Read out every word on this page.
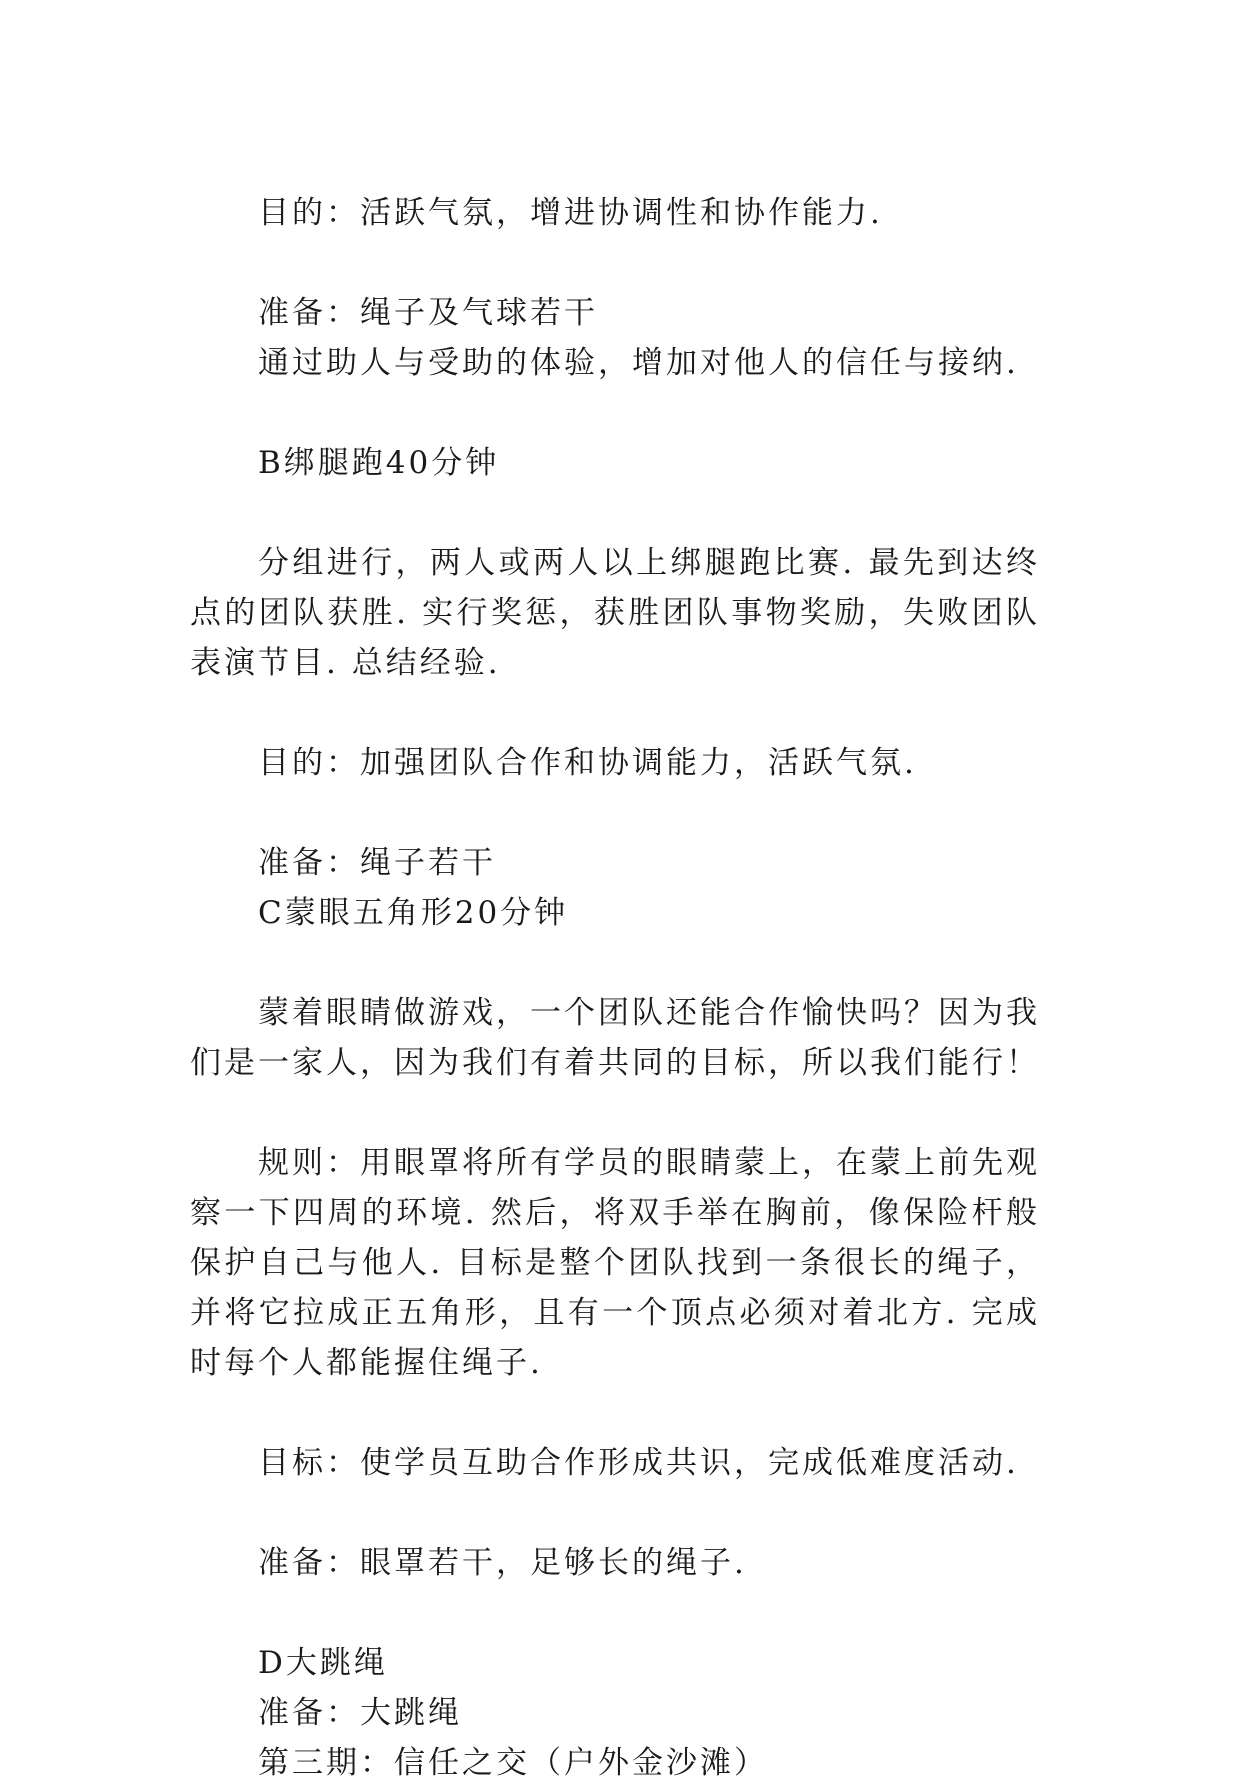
目的：活跃气氛，增进协调性和协作能力.

准备：绳子及气球若干

通过助人与受助的体验，增加对他人的信任与接纳.

B绑腿跑40分钟

分组进行，两人或两人以上绑腿跑比赛. 最先到达终点的团队获胜. 实行奖惩，获胜团队事物奖励，失败团队表演节目. 总结经验.

目的：加强团队合作和协调能力，活跃气氛.

准备：绳子若干

C蒙眼五角形20分钟

蒙着眼睛做游戏，一个团队还能合作愉快吗？因为我们是一家人，因为我们有着共同的目标，所以我们能行！

规则：用眼罩将所有学员的眼睛蒙上，在蒙上前先观察一下四周的环境. 然后，将双手举在胸前，像保险杆般保护自己与他人. 目标是整个团队找到一条很长的绳子，并将它拉成正五角形，且有一个顶点必须对着北方. 完成时每个人都能握住绳子.

目标：使学员互助合作形成共识，完成低难度活动.

准备：眼罩若干，足够长的绳子.

D大跳绳

准备：大跳绳

第三期：信任之交（户外金沙滩）
